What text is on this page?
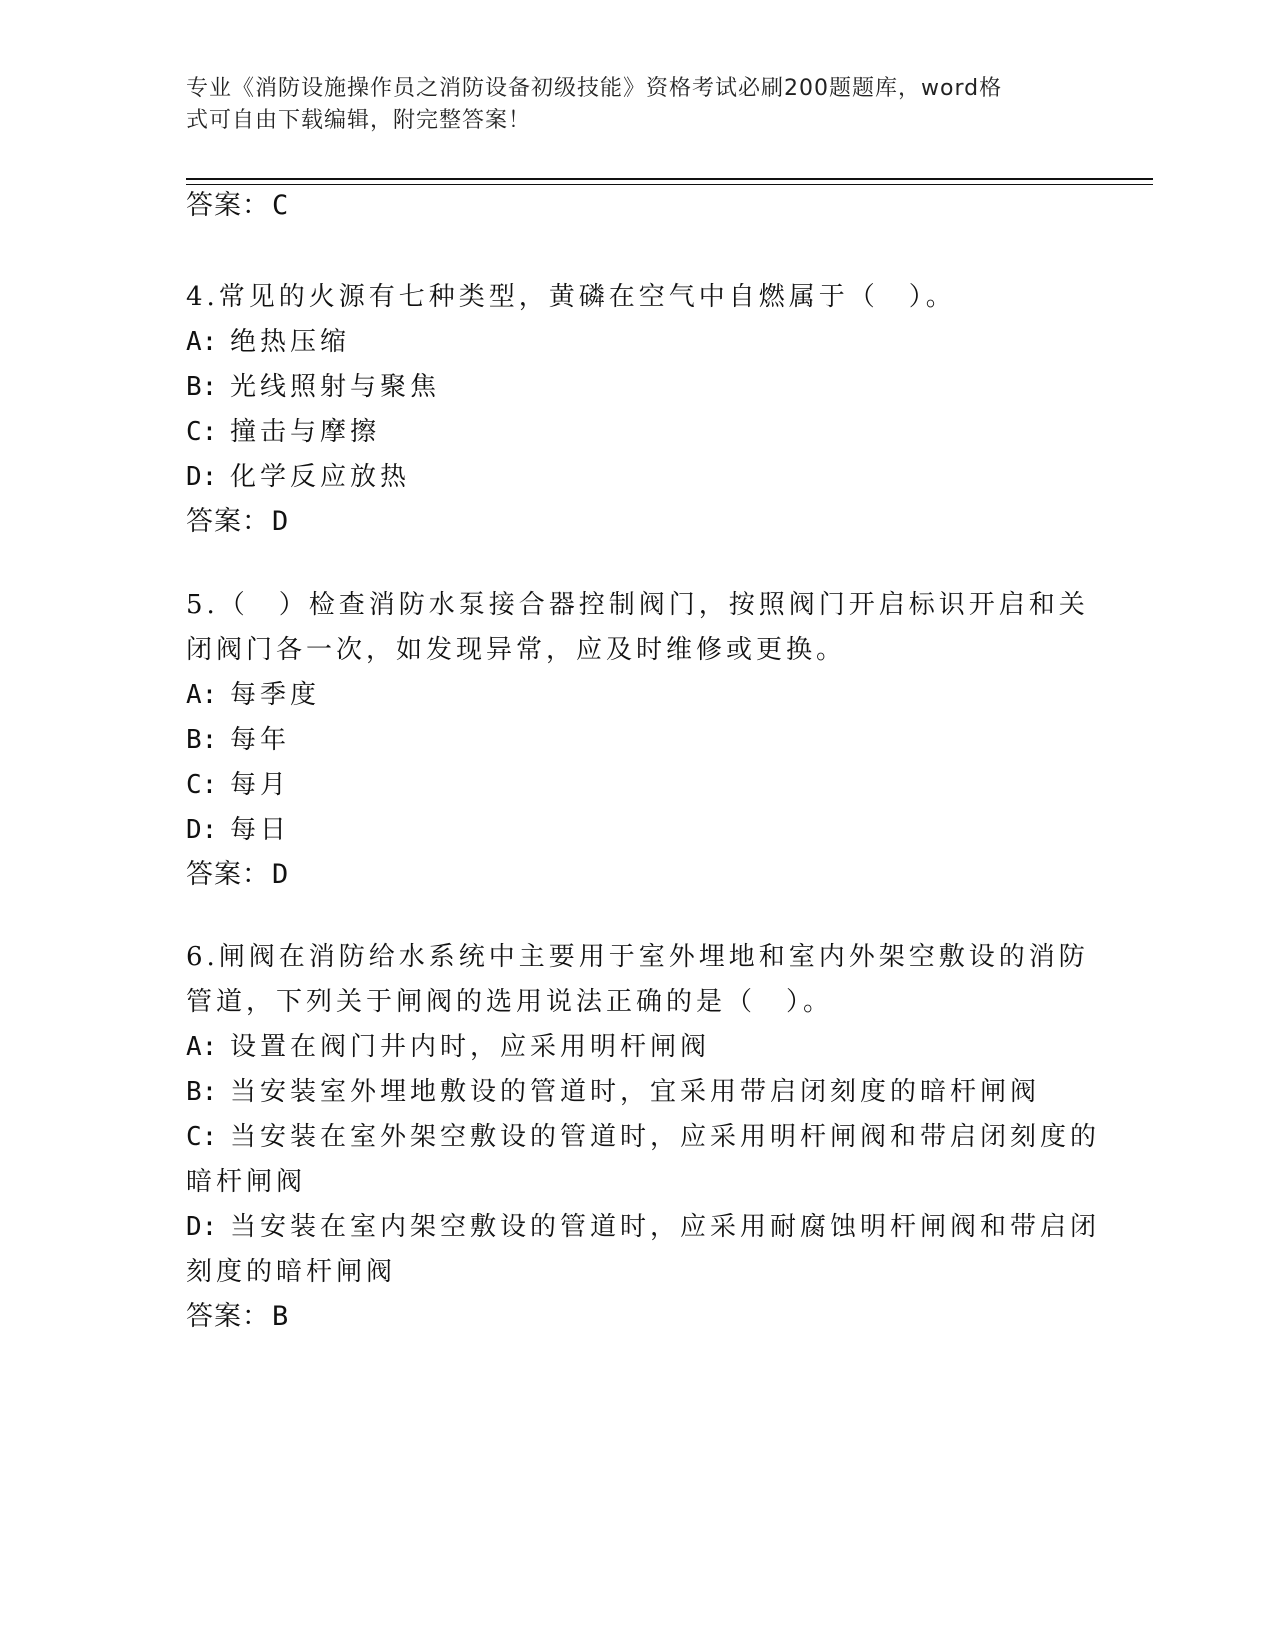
专业《消防设施操作员之消防设备初级技能》资格考试必刷200题题库，word格
式可自由下载编辑，附完整答案！
答案：C
4.常见的火源有七种类型，黄磷在空气中自燃属于（　）。
A: 绝热压缩
B: 光线照射与聚焦
C: 撞击与摩擦
D: 化学反应放热
答案：D
5.（　）检查消防水泵接合器控制阀门，按照阀门开启标识开启和关
闭阀门各一次，如发现异常，应及时维修或更换。
A: 每季度
B: 每年
C: 每月
D: 每日
答案：D
6.闸阀在消防给水系统中主要用于室外埋地和室内外架空敷设的消防
管道，下列关于闸阀的选用说法正确的是（　）。
A: 设置在阀门井内时，应采用明杆闸阀
B: 当安装室外埋地敷设的管道时，宜采用带启闭刻度的暗杆闸阀
C: 当安装在室外架空敷设的管道时，应采用明杆闸阀和带启闭刻度的
暗杆闸阀
D: 当安装在室内架空敷设的管道时，应采用耐腐蚀明杆闸阀和带启闭
刻度的暗杆闸阀
答案：B
